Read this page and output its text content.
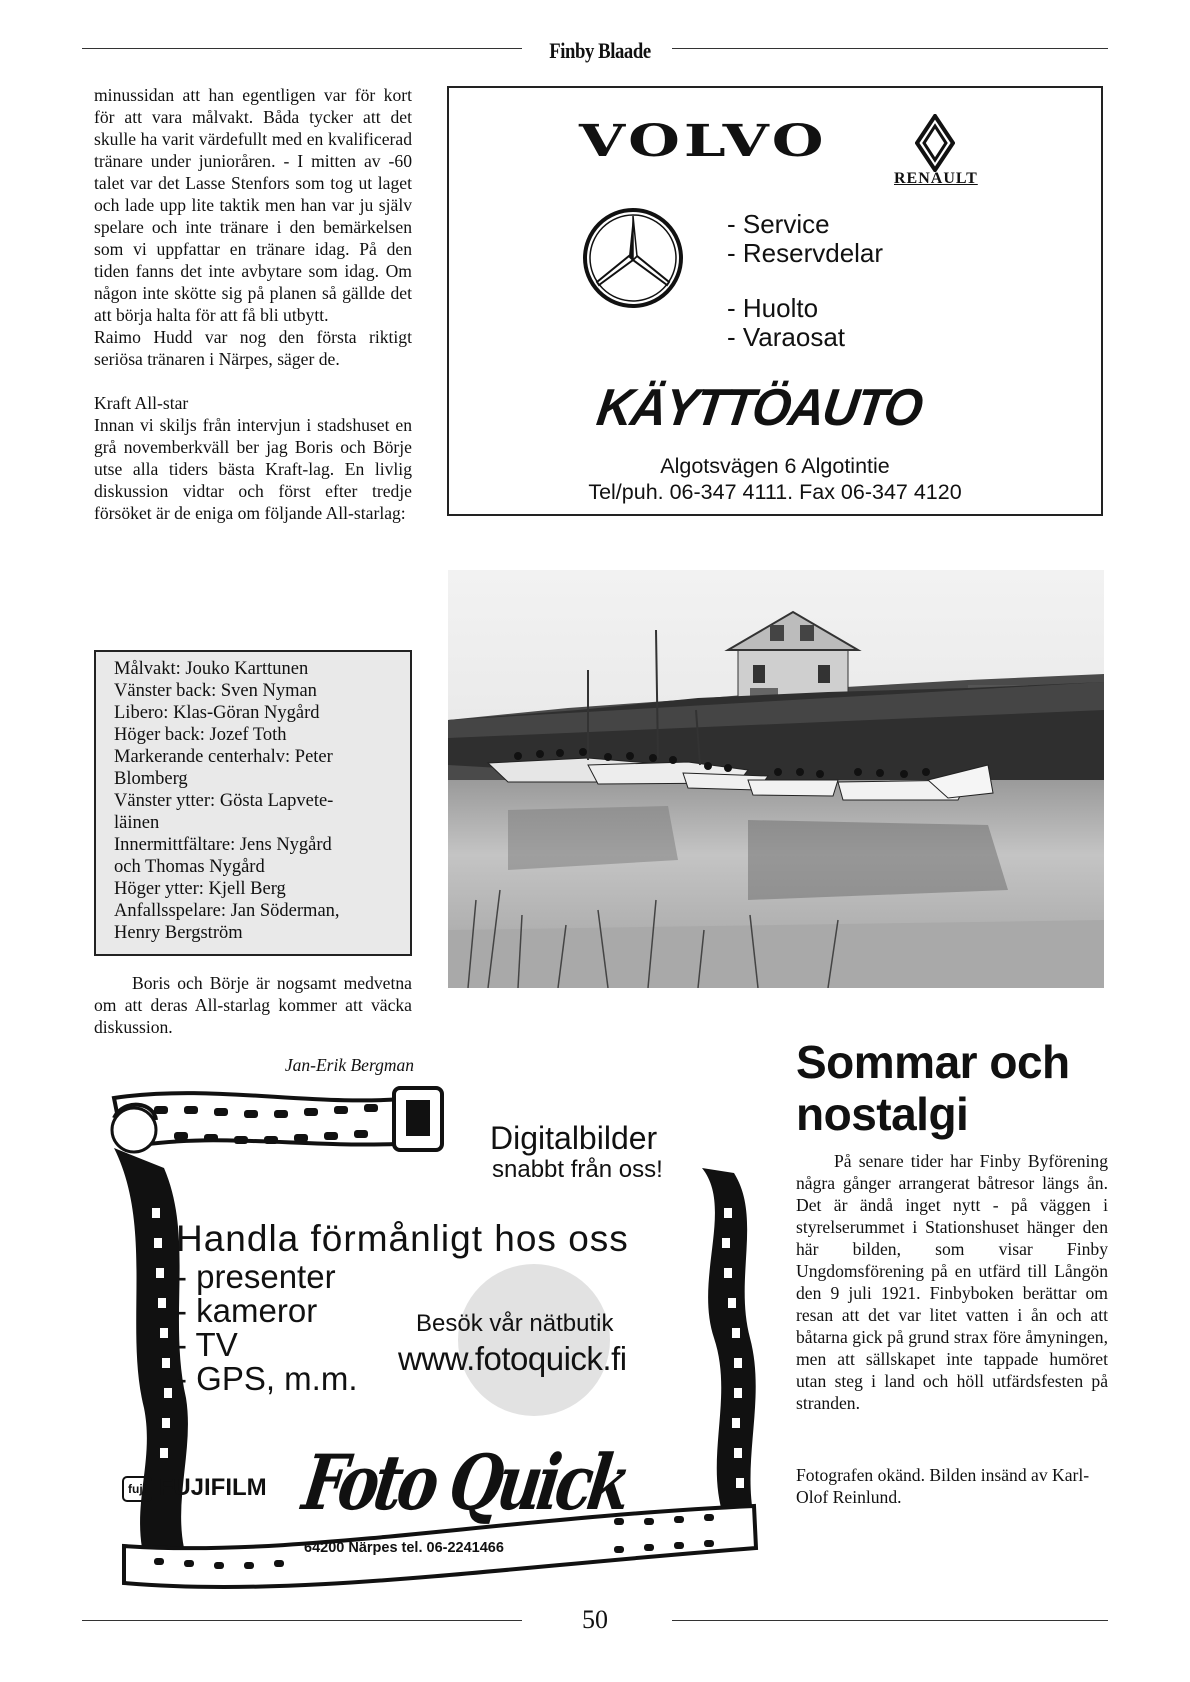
Finby Blaade

minussidan att han egentligen var för kort för att vara målvakt. Båda tycker att det skulle ha varit värdefullt med en kvalificerad tränare under junioråren. - I mitten av -60 talet var det Lasse Stenfors som tog ut laget och lade upp lite taktik men han var ju själv spelare och inte tränare i den bemärkelsen som vi uppfattar en tränare idag. På den tiden fanns det inte avbytare som idag. Om någon inte skötte sig på planen så gällde det att börja halta för att få bli utbytt.

Raimo Hudd var nog den första riktigt seriösa tränaren i Närpes, säger de.

Kraft All-star

Innan vi skiljs från intervjun i stadshuset en grå novemberkväll ber jag Boris och Börje utse alla tiders bästa Kraft-lag. En livlig diskussion vidtar och först efter tredje försöket är de eniga om följande All-starlag:

Målvakt: Jouko Karttunen
Vänster back: Sven Nyman
Libero: Klas-Göran Nygård
Höger back: Jozef Toth
Markerande centerhalv: Peter
Blomberg
Vänster ytter: Gösta Lapvete-
läinen
Innermittfältare: Jens Nygård
och Thomas Nygård
Höger ytter: Kjell Berg
Anfallsspelare: Jan Söderman,
Henry Bergström

Boris och Börje är nogsamt medvetna om att deras All-starlag kommer att väcka diskussion.

Jan-Erik Bergman
VOLVO
RENAULT
- Service
- Reservdelar
- Huolto
- Varaosat
KÄYTTÖAUTO
Algotsvägen 6 Algotintie
Tel/puh. 06-347 4111. Fax 06-347 4120
Sommar och
nostalgi

På senare tider har Finby Byförening några gånger arrangerat båtresor längs ån. Det är ändå inget nytt - på väggen i styrelserummet i Stationshuset hänger den här bilden, som visar Finby Ungdomsförening på en utfärd till Långön den 9 juli 1921. Finbyboken berättar om resan att det var litet vatten i ån och att båtarna gick på grund strax före åmyningen, men att sällskapet inte tappade humöret utan steg i land och höll utfärdsfesten på stranden.

Fotografen okänd. Bilden insänd av Karl-Olof Reinlund.

Digitalbilder
snabbt från oss!
Handla förmånligt hos oss
- presenter
- kameror
- TV
- GPS, m.m.
Besök vår nätbutik
www.fotoquick.fi
fuji FUJIFILM Foto Quick
64200 Närpes tel. 06-2241466
50
